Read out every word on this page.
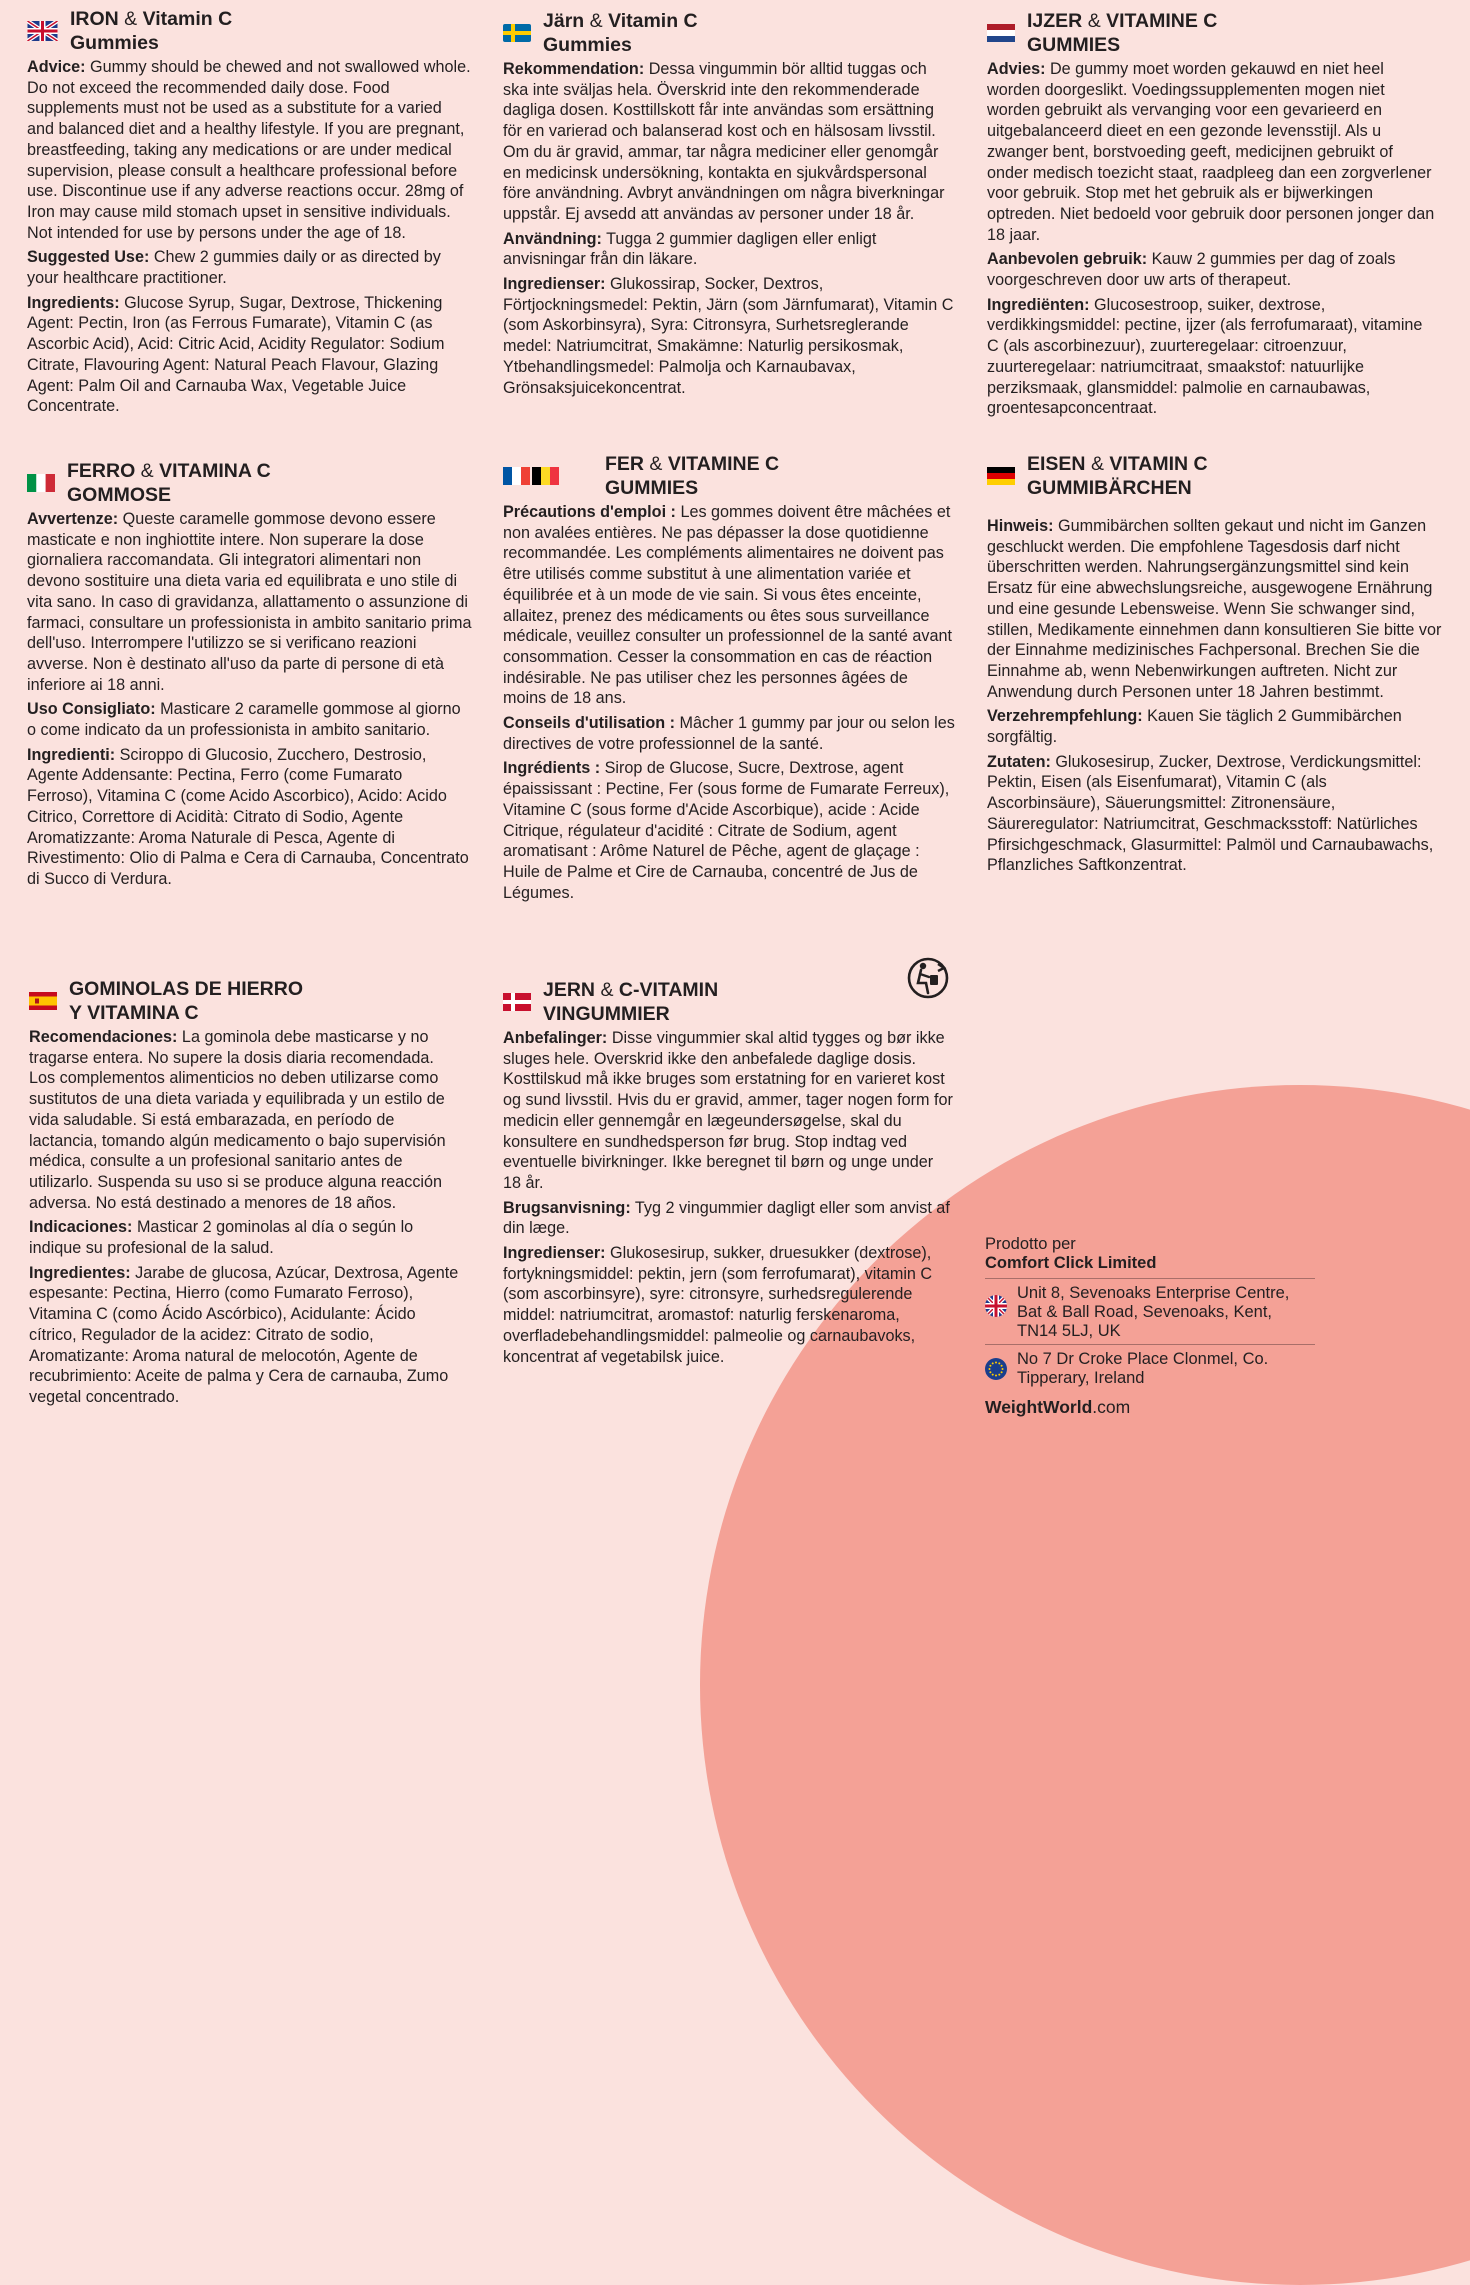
IRON & Vitamin C
Gummies

Advice: Gummy should be chewed and not swallowed whole. Do not exceed the recommended daily dose. Food supplements must not be used as a substitute for a varied and balanced diet and a healthy lifestyle. If you are pregnant, breastfeeding, taking any medications or are under medical supervision, please consult a healthcare professional before use. Discontinue use if any adverse reactions occur. 28mg of Iron may cause mild stomach upset in sensitive individuals. Not intended for use by persons under the age of 18.

Suggested Use: Chew 2 gummies daily or as directed by your healthcare practitioner.

Ingredients: Glucose Syrup, Sugar, Dextrose, Thickening Agent: Pectin, Iron (as Ferrous Fumarate), Vitamin C (as Ascorbic Acid), Acid: Citric Acid, Acidity Regulator: Sodium Citrate, Flavouring Agent: Natural Peach Flavour, Glazing Agent: Palm Oil and Carnauba Wax, Vegetable Juice Concentrate.

Järn & Vitamin C
Gummies

Rekommendation: Dessa vingummin bör alltid tuggas och ska inte sväljas hela. Överskrid inte den rekommenderade dagliga dosen. Kosttillskott får inte användas som ersättning för en varierad och balanserad kost och en hälsosam livsstil. Om du är gravid, ammar, tar några mediciner eller genomgår en medicinsk undersökning, kontakta en sjukvårdspersonal före användning. Avbryt användningen om några biverkningar uppstår. Ej avsedd att användas av personer under 18 år.

Användning: Tugga 2 gummier dagligen eller enligt anvisningar från din läkare.

Ingredienser: Glukossirap, Socker, Dextros, Förtjockningsmedel: Pektin, Järn (som Järnfumarat), Vitamin C (som Askorbinsyra), Syra: Citronsyra, Surhetsreglerande medel: Natriumcitrat, Smakämne: Naturlig persikosmak, Ytbehandlingsmedel: Palmolja och Karnaubavax, Grönsaksjuicekoncentrat.

IJZER & VITAMINE C
GUMMIES

Advies: De gummy moet worden gekauwd en niet heel worden doorgeslikt. Voedingssupplementen mogen niet worden gebruikt als vervanging voor een gevarieerd en uitgebalanceerd dieet en een gezonde levensstijl. Als u zwanger bent, borstvoeding geeft, medicijnen gebruikt of onder medisch toezicht staat, raadpleeg dan een zorgverlener voor gebruik. Stop met het gebruik als er bijwerkingen optreden. Niet bedoeld voor gebruik door personen jonger dan 18 jaar.

Aanbevolen gebruik: Kauw 2 gummies per dag of zoals voorgeschreven door uw arts of therapeut.

Ingrediënten: Glucosestroop, suiker, dextrose, verdikkingsmiddel: pectine, ijzer (als ferrofumaraat), vitamine C (als ascorbinezuur), zuurteregelaar: citroenzuur, zuurteregelaar: natriumcitraat, smaakstof: natuurlijke perziksmaak, glansmiddel: palmolie en carnaubawas, groentesapconcentraat.

FERRO & VITAMINA C
GOMMOSE

Avvertenze: Queste caramelle gommose devono essere masticate e non inghiottite intere. Non superare la dose giornaliera raccomandata. Gli integratori alimentari non devono sostituire una dieta varia ed equilibrata e uno stile di vita sano. In caso di gravidanza, allattamento o assunzione di farmaci, consultare un professionista in ambito sanitario prima dell'uso. Interrompere l'utilizzo se si verificano reazioni avverse. Non è destinato all'uso da parte di persone di età inferiore ai 18 anni.

Uso Consigliato: Masticare 2 caramelle gommose al giorno o come indicato da un professionista in ambito sanitario.

Ingredienti: Sciroppo di Glucosio, Zucchero, Destrosio, Agente Addensante: Pectina, Ferro (come Fumarato Ferroso), Vitamina C (come Acido Ascorbico), Acido: Acido Citrico, Correttore di Acidità: Citrato di Sodio, Agente Aromatizzante: Aroma Naturale di Pesca, Agente di Rivestimento: Olio di Palma e Cera di Carnauba, Concentrato di Succo di Verdura.

FER & VITAMINE C
GUMMIES

Précautions d'emploi : Les gommes doivent être mâchées et non avalées entières. Ne pas dépasser la dose quotidienne recommandée. Les compléments alimentaires ne doivent pas être utilisés comme substitut à une alimentation variée et équilibrée et à un mode de vie sain. Si vous êtes enceinte, allaitez, prenez des médicaments ou êtes sous surveillance médicale, veuillez consulter un professionnel de la santé avant consommation. Cesser la consommation en cas de réaction indésirable. Ne pas utiliser chez les personnes âgées de moins de 18 ans.

Conseils d'utilisation : Mâcher 1 gummy par jour ou selon les directives de votre professionnel de la santé.

Ingrédients : Sirop de Glucose, Sucre, Dextrose, agent épaississant : Pectine, Fer (sous forme de Fumarate Ferreux), Vitamine C (sous forme d'Acide Ascorbique), acide : Acide Citrique, régulateur d'acidité : Citrate de Sodium, agent aromatisant : Arôme Naturel de Pêche, agent de glaçage : Huile de Palme et Cire de Carnauba, concentré de Jus de Légumes.

EISEN & VITAMIN C
GUMMIBÄRCHEN

Hinweis: Gummibärchen sollten gekaut und nicht im Ganzen geschluckt werden. Die empfohlene Tagesdosis darf nicht überschritten werden. Nahrungsergänzungsmittel sind kein Ersatz für eine abwechslungsreiche, ausgewogene Ernährung und eine gesunde Lebensweise. Wenn Sie schwanger sind, stillen, Medikamente einnehmen dann konsultieren Sie bitte vor der Einnahme medizinisches Fachpersonal. Brechen Sie die Einnahme ab, wenn Nebenwirkungen auftreten. Nicht zur Anwendung durch Personen unter 18 Jahren bestimmt.

Verzehrempfehlung: Kauen Sie täglich 2 Gummibärchen sorgfältig.

Zutaten: Glukosesirup, Zucker, Dextrose, Verdickungsmittel: Pektin, Eisen (als Eisenfumarat), Vitamin C (als Ascorbinsäure), Säuerungsmittel: Zitronensäure, Säureregulator: Natriumcitrat, Geschmacksstoff: Natürliches Pfirsichgeschmack, Glasurmittel: Palmöl und Carnaubawachs, Pflanzliches Saftkonzentrat.

GOMINOLAS DE HIERRO
Y VITAMINA C

Recomendaciones: La gominola debe masticarse y no tragarse entera. No supere la dosis diaria recomendada. Los complementos alimenticios no deben utilizarse como sustitutos de una dieta variada y equilibrada y un estilo de vida saludable. Si está embarazada, en período de lactancia, tomando algún medicamento o bajo supervisión médica, consulte a un profesional sanitario antes de utilizarlo. Suspenda su uso si se produce alguna reacción adversa. No está destinado a menores de 18 años.

Indicaciones: Masticar 2 gominolas al día o según lo indique su profesional de la salud.

Ingredientes: Jarabe de glucosa, Azúcar, Dextrosa, Agente espesante: Pectina, Hierro (como Fumarato Ferroso), Vitamina C (como Ácido Ascórbico), Acidulante: Ácido cítrico, Regulador de la acidez: Citrato de sodio, Aromatizante: Aroma natural de melocotón, Agente de recubrimiento: Aceite de palma y Cera de carnauba, Zumo vegetal concentrado.

JERN & C-VITAMIN
VINGUMMIER

Anbefalinger: Disse vingummier skal altid tygges og bør ikke sluges hele. Overskrid ikke den anbefalede daglige dosis. Kosttilskud må ikke bruges som erstatning for en varieret kost og sund livsstil. Hvis du er gravid, ammer, tager nogen form for medicin eller gennemgår en lægeundersøgelse, skal du konsultere en sundhedsperson før brug. Stop indtag ved eventuelle bivirkninger. Ikke beregnet til børn og unge under 18 år.

Brugsanvisning: Tyg 2 vingummier dagligt eller som anvist af din læge.

Ingredienser: Glukosesirup, sukker, druesukker (dextrose), fortykningsmiddel: pektin, jern (som ferrofumarat), vitamin C (som ascorbinsyre), syre: citronsyre, surhedsregulerende middel: natriumcitrat, aromastof: naturlig ferskenaroma, overfladebehandlingsmiddel: palmeolie og carnaubavoks, koncentrat af vegetabilsk juice.

Prodotto per
Comfort Click Limited
Unit 8, Sevenoaks Enterprise Centre, Bat & Ball Road, Sevenoaks, Kent, TN14 5LJ, UK
No 7 Dr Croke Place Clonmel, Co. Tipperary, Ireland
WeightWorld.com
